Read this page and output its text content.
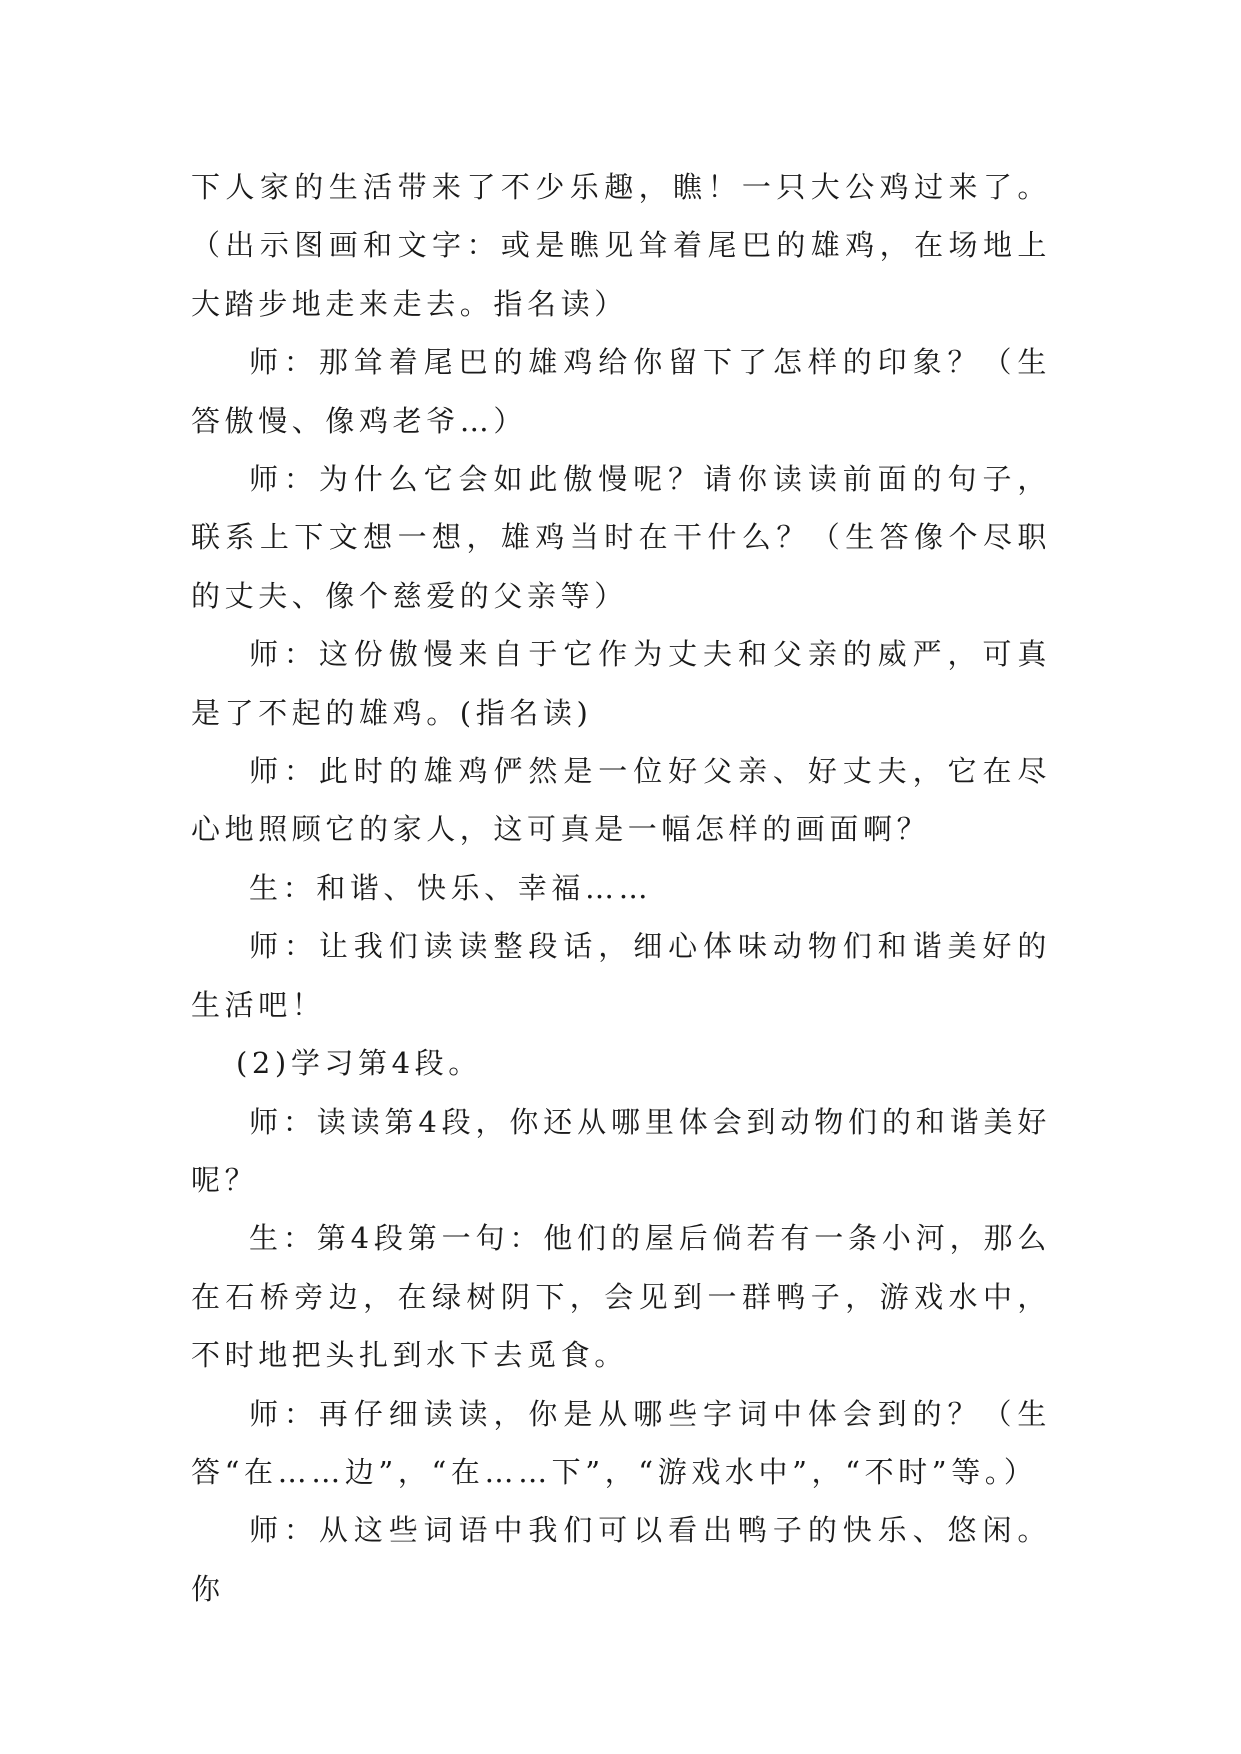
下人家的生活带来了不少乐趣，瞧！一只大公鸡过来了。（出示图画和文字：或是瞧见耸着尾巴的雄鸡，在场地上大踏步地走来走去。指名读）

师：那耸着尾巴的雄鸡给你留下了怎样的印象？（生答傲慢、像鸡老爷…）

师：为什么它会如此傲慢呢？请你读读前面的句子，联系上下文想一想，雄鸡当时在干什么？（生答像个尽职的丈夫、像个慈爱的父亲等）

师：这份傲慢来自于它作为丈夫和父亲的威严，可真是了不起的雄鸡。(指名读)

师：此时的雄鸡俨然是一位好父亲、好丈夫，它在尽心地照顾它的家人，这可真是一幅怎样的画面啊？

生：和谐、快乐、幸福……

师：让我们读读整段话，细心体味动物们和谐美好的生活吧！

(2)学习第4段。

师：读读第4段，你还从哪里体会到动物们的和谐美好呢？

生：第4段第一句：他们的屋后倘若有一条小河，那么在石桥旁边，在绿树阴下，会见到一群鸭子，游戏水中，不时地把头扎到水下去觅食。

师：再仔细读读，你是从哪些字词中体会到的？（生答“在……边”，“在……下”，“游戏水中”，“不时”等。）

师：从这些词语中我们可以看出鸭子的快乐、悠闲。你
